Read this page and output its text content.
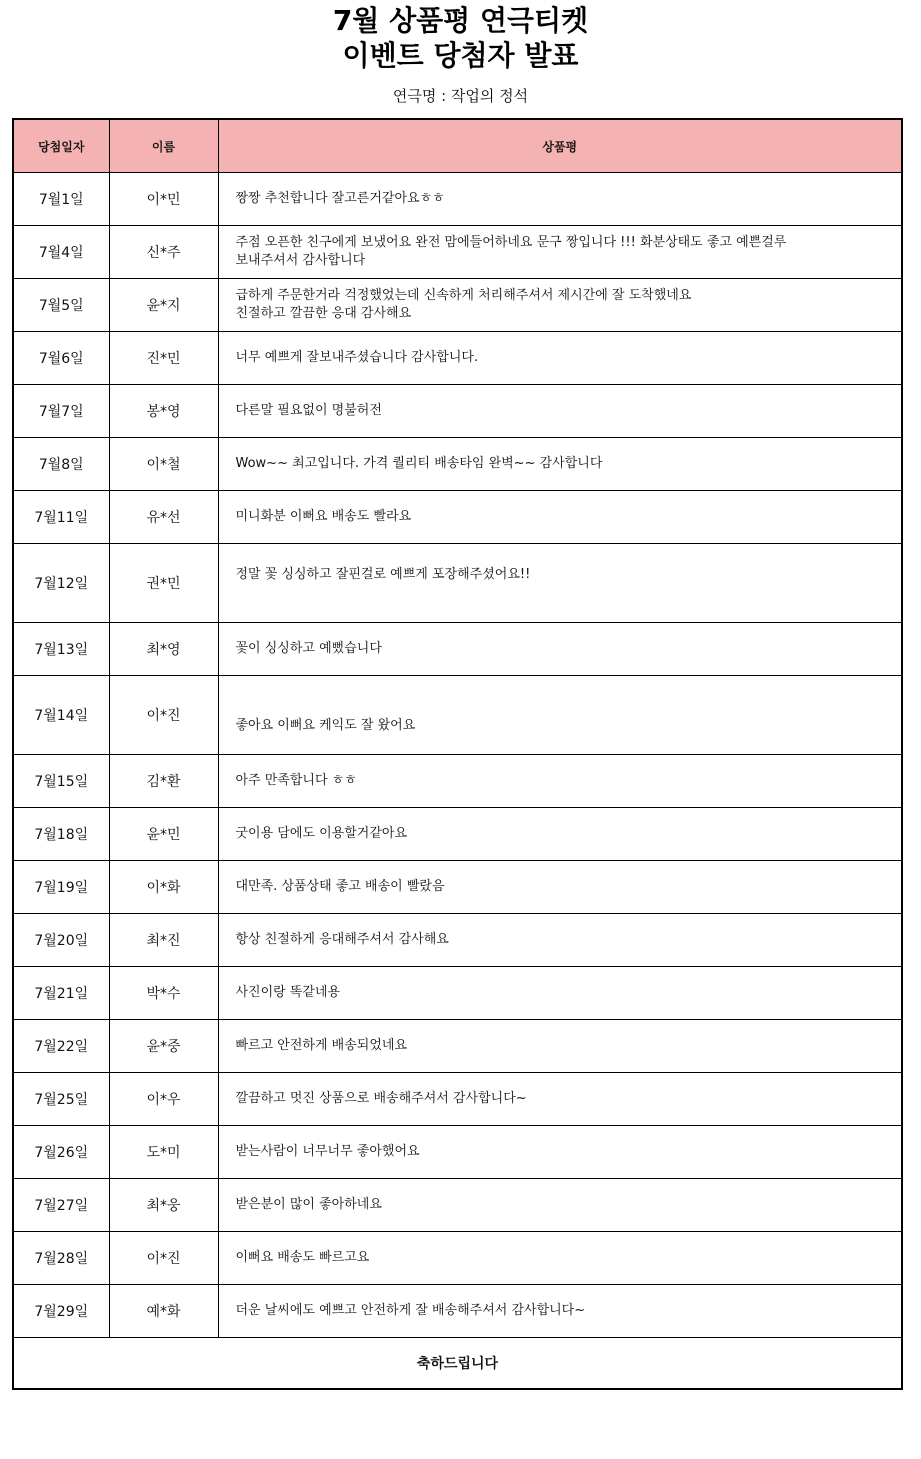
7월 상품평 연극티켓
이벤트 당첨자 발표
연극명 : 작업의 정석
당첨일자	이름	상품평
7월1일	이*민	짱짱 추천합니다 잘고른거같아요ㅎㅎ
7월4일	신*주	주점 오픈한 친구에게 보냈어요 완전 맘에들어하네요 문구 짱입니다 !!! 화분상태도 좋고 예쁜걸루
보내주셔서 감사합니다
7월5일	윤*지	급하게 주문한거라 걱정했었는데 신속하게 처리해주셔서 제시간에 잘 도착했네요
친절하고 깔끔한 응대 감사해요
7월6일	진*민	너무 예쁘게 잘보내주셨습니다 감사합니다.
7월7일	봉*영	다른말 필요없이 명불허전
7월8일	이*철	Wow~~ 최고입니다. 가격 퀄리티 배송타임 완벽~~ 감사합니다
7월11일	유*선	미니화분 이뻐요 배송도 빨라요
7월12일	권*민	정말 꽃 싱싱하고 잘핀걸로 예쁘게 포장해주셨어요!!
7월13일	최*영	꽃이 싱싱하고 예뻤습니다
7월14일	이*진	좋아요 이뻐요 케익도 잘 왔어요
7월15일	김*환	아주 만족합니다 ㅎㅎ
7월18일	윤*민	굿이용 담에도 이용할거같아요
7월19일	이*화	대만족. 상품상태 좋고 배송이 빨랐음
7월20일	최*진	항상 친절하게 응대해주셔서 감사해요
7월21일	박*수	사진이랑 똑같네용
7월22일	윤*중	빠르고 안전하게 배송되었네요
7월25일	이*우	깔끔하고 멋진 상품으로 배송해주셔서 감사합니다~
7월26일	도*미	받는사람이 너무너무 좋아했어요
7월27일	최*웅	받은분이 많이 좋아하네요
7월28일	이*진	이뻐요 배송도 빠르고요
7월29일	예*화	더운 날씨에도 예쁘고 안전하게 잘 배송해주셔서 감사합니다~
축하드립니다		
